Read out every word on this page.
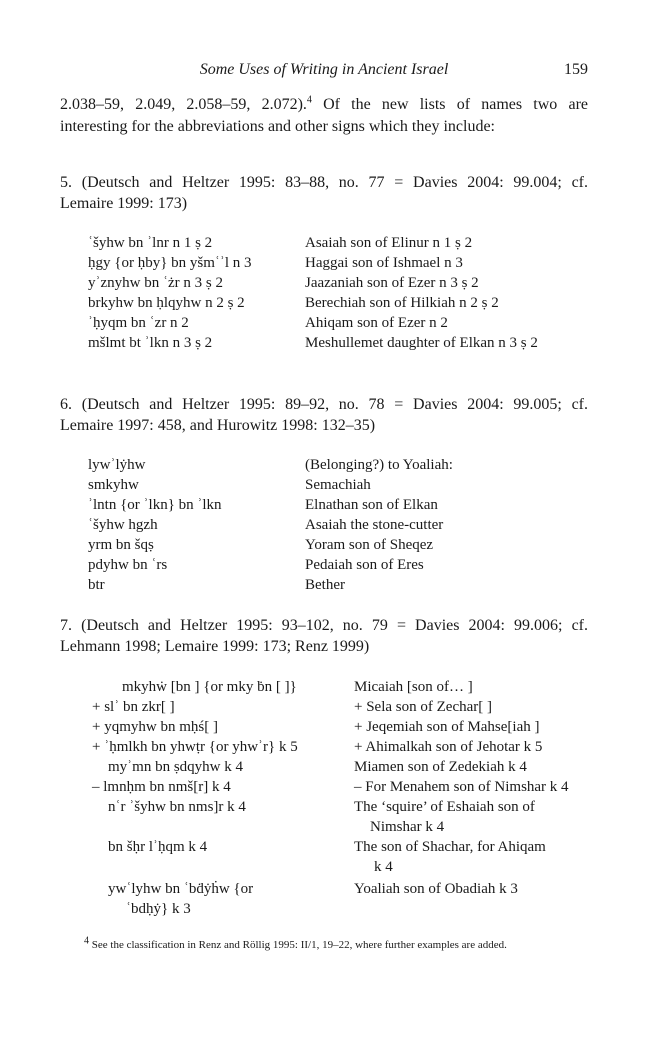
Some Uses of Writing in Ancient Israel	159

2.038–59, 2.049, 2.058–59, 2.072).$^4$ Of the new lists of names two are

interesting for the abbreviations and other signs which they include:

5. (Deutsch and Heltzer 1995: 83–88, no. 77 = Davies 2004: 99.004; cf.

Lemaire 1999: 173)

ʿšyhw bn ʾlnr n 1 ṣ 2	Asaiah son of Elinur n 1 ṣ 2
ḥgy {or ḥby} bn yšmʿʾl n 3	Haggai son of Ishmael n 3
yʾznyhw bn ʿżr n 3 ṣ 2	Jaazaniah son of Ezer n 3 ṣ 2
brkyhw bn ḥlqyhw n 2 ṣ 2	Berechiah son of Hilkiah n 2 ṣ 2
ʾḥyqm bn ʿzr n 2	Ahiqam son of Ezer n 2
mšlmt bt ʾlkn n 3 ṣ 2	Meshullemet daughter of Elkan n 3 ṣ 2

6. (Deutsch and Heltzer 1995: 89–92, no. 78 = Davies 2004: 99.005; cf.

Lemaire 1997: 458, and Hurowitz 1998: 132–35)

lywʾlẏhw	(Belonging?) to Yoaliah:
smkyhw	Semachiah
ʾlntn {or ʾlkn} bn ʾlkn	Elnathan son of Elkan
ʿšyhw hgzh	Asaiah the stone-cutter
yrm bn šqṣ	Yoram son of Sheqez
pdyhw bn ʿrs	Pedaiah son of Eres
btr	Bether

7. (Deutsch and Heltzer 1995: 93–102, no. 79 = Davies 2004: 99.006; cf.

Lehmann 1998; Lemaire 1999: 173; Renz 1999)

mkyhẇ [bn ] {or mky ḃn [ ]}	Micaiah [son of… ]
+ slʾ bn zkr[ ]	+ Sela son of Zechar[ ]
+ yqmyhw bn mḥś[ ]	+ Jeqemiah son of Mahse[iah ]
+ ʾḥmlkh bn yhwṭr {or yhwʾr} k 5	+ Ahimalkah son of Jehotar k 5
myʾmn bn ṣdqyhw k 4	Miamen son of Zedekiah k 4
– lmnḥm bn nmš[r] k 4	– For Menahem son of Nimshar k 4
nʿr ʾšyhw bn nms]r k 4	The ‘squire’ of Eshaiah son of
Nimshar k 4
bn šḥr lʾḥqm k 4	The son of Shachar, for Ahiqam
k 4
ywʿlyhw bn ʿbḋẏḣw {or	Yoaliah son of Obadiah k 3
ʿbdḥẏ} k 3
$^4$ See the classification in Renz and Röllig 1995: II/1, 19–22, where further examples are added.
